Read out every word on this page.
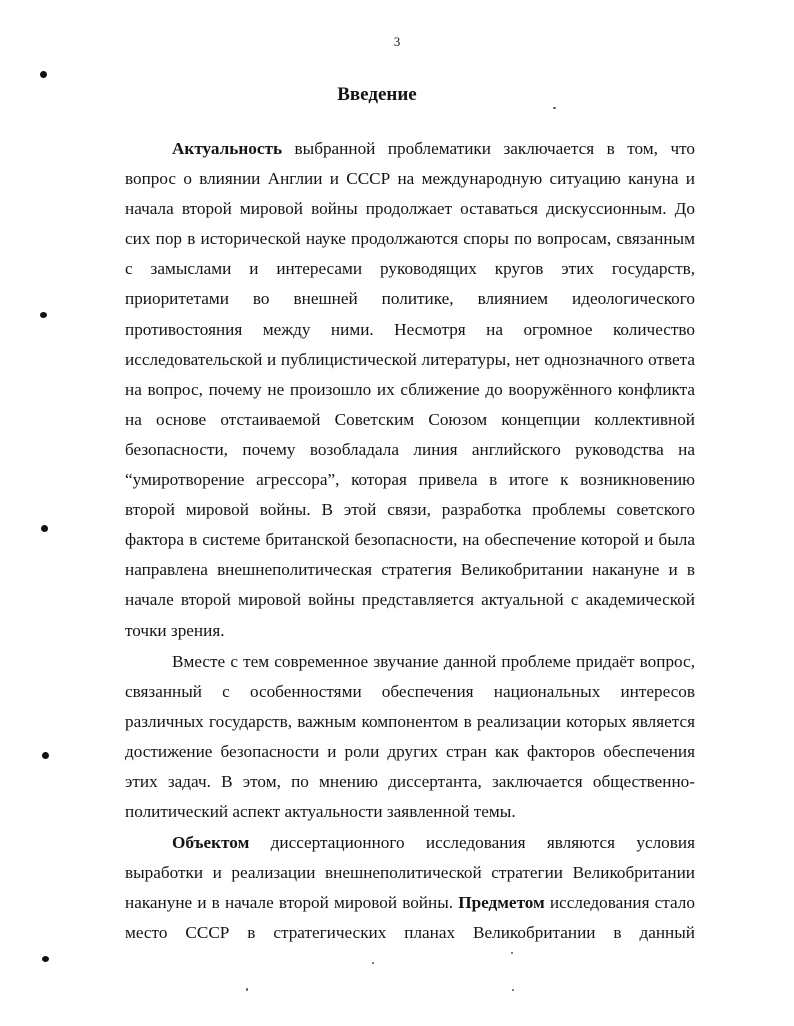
3
Введение

Актуальность выбранной проблематики заключается в том, что вопрос о влиянии Англии и СССР на международную ситуацию кануна и начала второй мировой войны продолжает оставаться дискуссионным. До сих пор в исторической науке продолжаются споры по вопросам, связанным с замыслами и интересами руководящих кругов этих государств, приоритетами во внешней политике, влиянием идеологического противостояния между ними. Несмотря на огромное количество исследовательской и публицистической литературы, нет однозначного ответа на вопрос, почему не произошло их сближение до вооружённого конфликта на основе отстаиваемой Советским Союзом концепции коллективной безопасности, почему возобладала линия английского руководства на “умиротворение агрессора”, которая привела в итоге к возникновению второй мировой войны. В этой связи, разработка проблемы советского фактора в системе британской безопасности, на обеспечение которой и была направлена внешнеполитическая стратегия Великобритании накануне и в начале второй мировой войны представляется актуальной с академической точки зрения.

Вместе с тем современное звучание данной проблеме придаёт вопрос, связанный с особенностями обеспечения национальных интересов различных государств, важным компонентом в реализации которых является достижение безопасности и роли других стран как факторов обеспечения этих задач. В этом, по мнению диссертанта, заключается общественно-политический аспект актуальности заявленной темы.

Объектом диссертационного исследования являются условия выработки и реализации внешнеполитической стратегии Великобритании накануне и в начале второй мировой войны. Предметом исследования стало место СССР в стратегических планах Великобритании в данный
